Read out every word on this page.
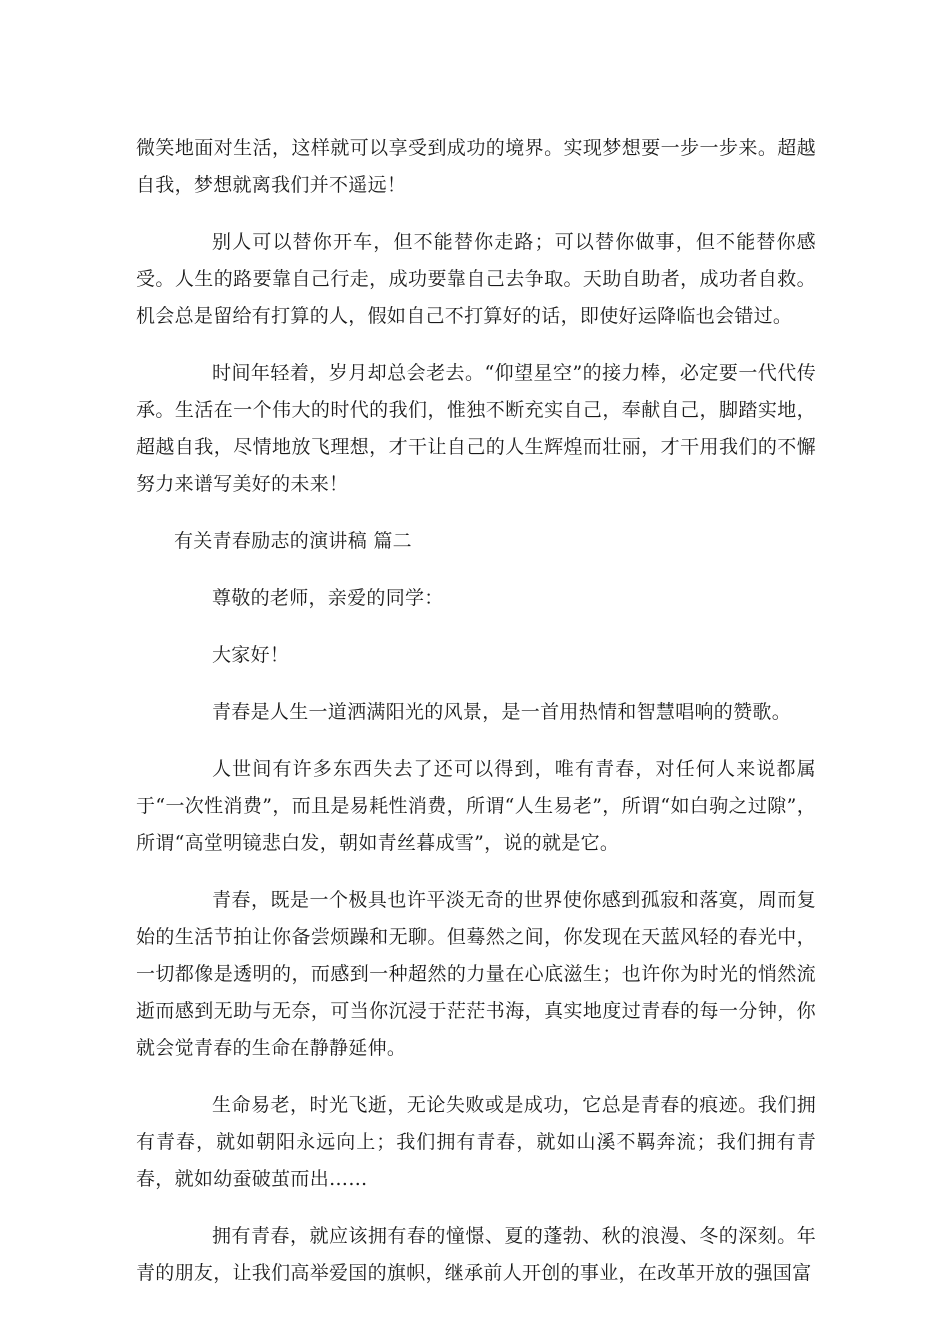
微笑地面对生活，这样就可以享受到成功的境界。实现梦想要一步一步来。超越自我，梦想就离我们并不遥远！

别人可以替你开车，但不能替你走路；可以替你做事，但不能替你感受。人生的路要靠自己行走，成功要靠自己去争取。天助自助者，成功者自救。机会总是留给有打算的人，假如自己不打算好的话，即使好运降临也会错过。

时间年轻着，岁月却总会老去。“仰望星空”的接力棒，必定要一代代传承。生活在一个伟大的时代的我们，惟独不断充实自己，奉献自己，脚踏实地，超越自我，尽情地放飞理想，才干让自己的人生辉煌而壮丽，才干用我们的不懈努力来谱写美好的未来！

有关青春励志的演讲稿 篇二

尊敬的老师，亲爱的同学：

大家好！

青春是人生一道洒满阳光的风景，是一首用热情和智慧唱响的赞歌。

人世间有许多东西失去了还可以得到，唯有青春，对任何人来说都属于“一次性消费”，而且是易耗性消费，所谓“人生易老”，所谓“如白驹之过隙”，所谓“高堂明镜悲白发，朝如青丝暮成雪”，说的就是它。

青春，既是一个极具也许平淡无奇的世界使你感到孤寂和落寞，周而复始的生活节拍让你备尝烦躁和无聊。但蓦然之间，你发现在天蓝风轻的春光中，一切都像是透明的，而感到一种超然的力量在心底滋生；也许你为时光的悄然流逝而感到无助与无奈，可当你沉浸于茫茫书海，真实地度过青春的每一分钟，你就会觉青春的生命在静静延伸。

生命易老，时光飞逝，无论失败或是成功，它总是青春的痕迹。我们拥有青春，就如朝阳永远向上；我们拥有青春，就如山溪不羁奔流；我们拥有青春，就如幼蚕破茧而出……

拥有青春，就应该拥有春的憧憬、夏的蓬勃、秋的浪漫、冬的深刻。年青的朋友，让我们高举爱国的旗帜，继承前人开创的事业，在改革开放的强国富
